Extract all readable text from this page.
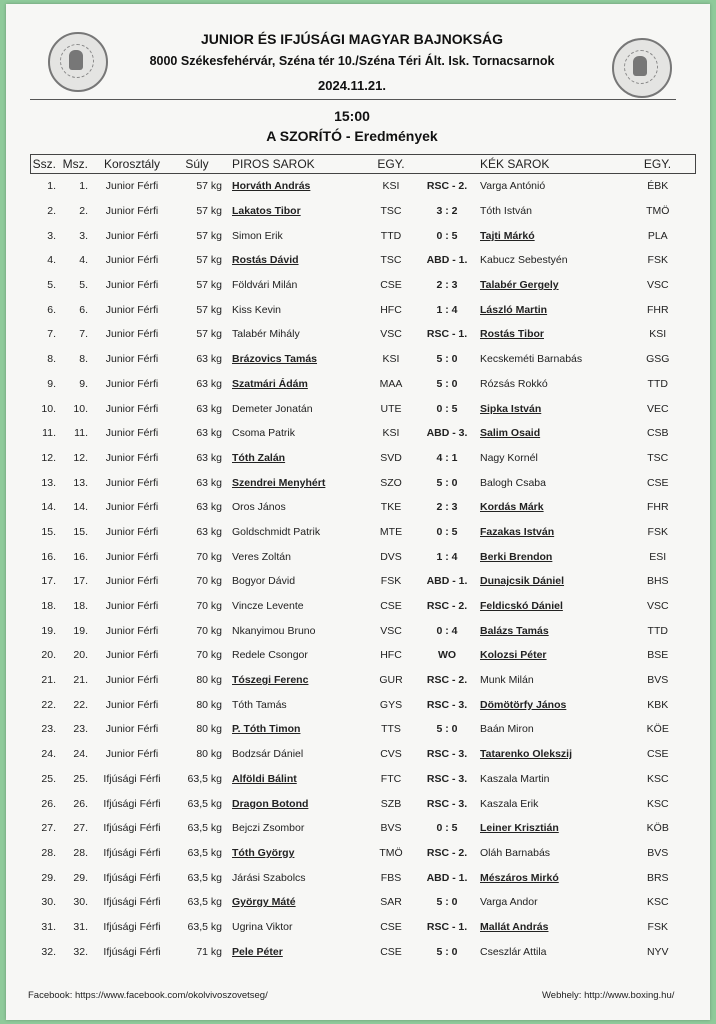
JUNIOR ÉS IFJÚSÁGI MAGYAR BAJNOKSÁG
8000 Székesfehérvár, Széna tér 10./Széna Téri Ált. Isk. Tornacsarnok
2024.11.21.
15:00
A SZORÍTÓ - Eredmények
Ssz.	Msz.	Korosztály	Súly	PIROS SAROK	EGY.		KÉK SAROK	EGY.
1.	1.	Junior Férfi	57 kg	Horváth András	KSI	RSC - 2.	Varga Antónió	ÉBK
2.	2.	Junior Férfi	57 kg	Lakatos Tibor	TSC	3 : 2	Tóth István	TMÖ
3.	3.	Junior Férfi	57 kg	Simon Erik	TTD	0 : 5	Tajti Márkó	PLA
4.	4.	Junior Férfi	57 kg	Rostás Dávid	TSC	ABD - 1.	Kabucz Sebestyén	FSK
5.	5.	Junior Férfi	57 kg	Földvári Milán	CSE	2 : 3	Talabér Gergely	VSC
6.	6.	Junior Férfi	57 kg	Kiss Kevin	HFC	1 : 4	László Martin	FHR
7.	7.	Junior Férfi	57 kg	Talabér Mihály	VSC	RSC - 1.	Rostás Tibor	KSI
8.	8.	Junior Férfi	63 kg	Brázovics Tamás	KSI	5 : 0	Kecskeméti Barnabás	GSG
9.	9.	Junior Férfi	63 kg	Szatmári Ádám	MAA	5 : 0	Rózsás Rokkó	TTD
10.	10.	Junior Férfi	63 kg	Demeter Jonatán	UTE	0 : 5	Sipka István	VEC
11.	11.	Junior Férfi	63 kg	Csoma Patrik	KSI	ABD - 3.	Salim Osaid	CSB
12.	12.	Junior Férfi	63 kg	Tóth Zalán	SVD	4 : 1	Nagy Kornél	TSC
13.	13.	Junior Férfi	63 kg	Szendrei Menyhért	SZO	5 : 0	Balogh Csaba	CSE
14.	14.	Junior Férfi	63 kg	Oros János	TKE	2 : 3	Kordás Márk	FHR
15.	15.	Junior Férfi	63 kg	Goldschmidt Patrik	MTE	0 : 5	Fazakas István	FSK
16.	16.	Junior Férfi	70 kg	Veres Zoltán	DVS	1 : 4	Berki Brendon	ESI
17.	17.	Junior Férfi	70 kg	Bogyor Dávid	FSK	ABD - 1.	Dunajcsik Dániel	BHS
18.	18.	Junior Férfi	70 kg	Vincze Levente	CSE	RSC - 2.	Feldicskó Dániel	VSC
19.	19.	Junior Férfi	70 kg	Nkanyimou Bruno	VSC	0 : 4	Balázs Tamás	TTD
20.	20.	Junior Férfi	70 kg	Redele Csongor	HFC	WO	Kolozsi Péter	BSE
21.	21.	Junior Férfi	80 kg	Tószegi Ferenc	GUR	RSC - 2.	Munk Milán	BVS
22.	22.	Junior Férfi	80 kg	Tóth Tamás	GYS	RSC - 3.	Dömötörfy János	KBK
23.	23.	Junior Férfi	80 kg	P. Tóth Timon	TTS	5 : 0	Baán Miron	KÖE
24.	24.	Junior Férfi	80 kg	Bodzsár Dániel	CVS	RSC - 3.	Tatarenko Olekszij	CSE
25.	25.	Ifjúsági Férfi	63,5 kg	Alföldi Bálint	FTC	RSC - 3.	Kaszala Martin	KSC
26.	26.	Ifjúsági Férfi	63,5 kg	Dragon Botond	SZB	RSC - 3.	Kaszala Erik	KSC
27.	27.	Ifjúsági Férfi	63,5 kg	Bejczi Zsombor	BVS	0 : 5	Leiner Krisztián	KÖB
28.	28.	Ifjúsági Férfi	63,5 kg	Tóth György	TMÖ	RSC - 2.	Oláh Barnabás	BVS
29.	29.	Ifjúsági Férfi	63,5 kg	Járási Szabolcs	FBS	ABD - 1.	Mészáros Mirkó	BRS
30.	30.	Ifjúsági Férfi	63,5 kg	György Máté	SAR	5 : 0	Varga Andor	KSC
31.	31.	Ifjúsági Férfi	63,5 kg	Ugrina Viktor	CSE	RSC - 1.	Mallát András	FSK
32.	32.	Ifjúsági Férfi	71 kg	Pele Péter	CSE	5 : 0	Cseszlár Attila	NYV
Facebook: https://www.facebook.com/okolvivoszovetseg/	Webhely: http://www.boxing.hu/
